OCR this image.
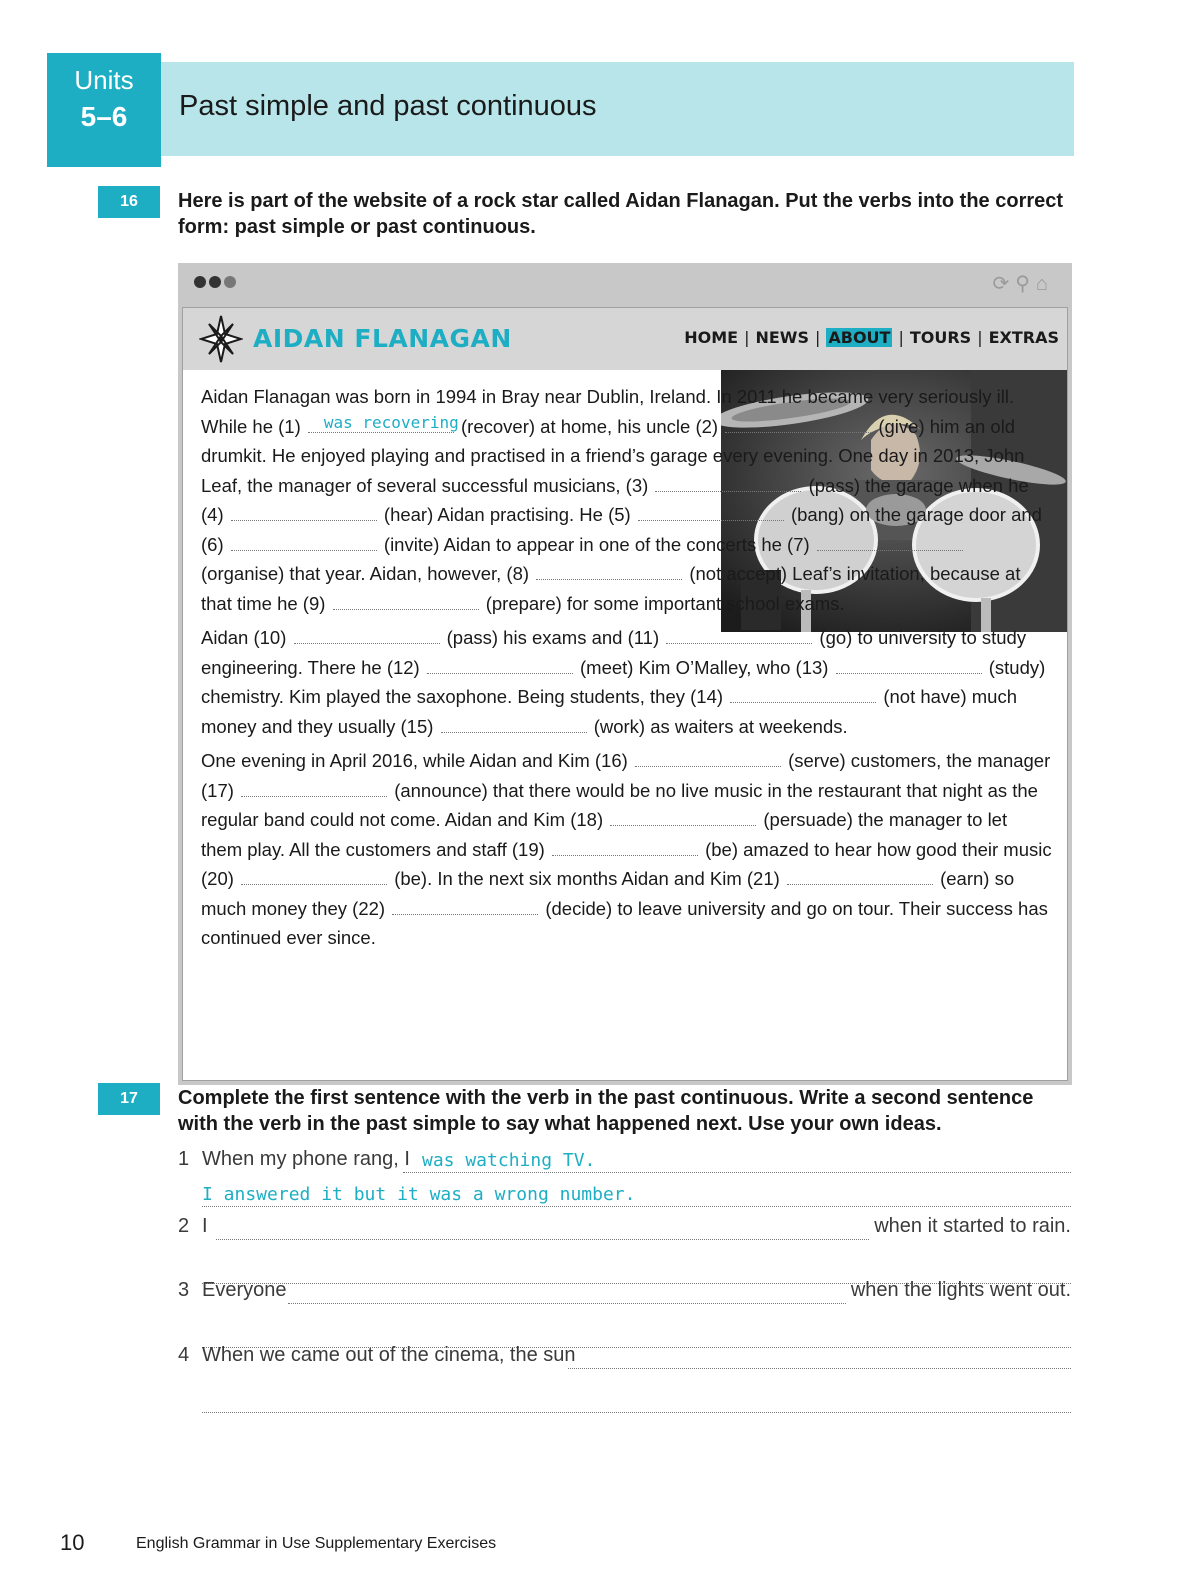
Units
5–6	Past simple and past continuous
16	Here is part of the website of a rock star called Aidan Flanagan. Put the verbs into the correct form: past simple or past continuous.
⟳⚲⌂
AIDAN FLANAGAN	HOME | NEWS | ABOUT | TOURS | EXTRAS

Aidan Flanagan was born in 1994 in Bray near Dublin, Ireland. In 2011 he became very seriously ill. While he (1) was recovering (recover) at home, his uncle (2)	(give) him an old drumkit. He enjoyed playing and practised in a friend’s garage every evening. One day in 2013, John Leaf, the manager of several successful musicians, (3)	(pass) the garage when he (4)	(hear) Aidan practising. He (5)	(bang) on the garage door and (6)	(invite) Aidan to appear in one of the concerts he (7)  (organise) that year. Aidan, however, (8)	(not accept) Leaf’s invitation, because at that time he (9)	(prepare) for some important school exams.

Aidan (10)	(pass) his exams and (11)	(go) to university to study engineering. There he (12)	(meet) Kim O’Malley, who (13)	(study) chemistry. Kim played the saxophone. Being students, they (14)	(not have) much money and they usually (15)	(work) as waiters at weekends.

One evening in April 2016, while Aidan and Kim (16)	(serve) customers, the manager (17)	(announce) that there would be no live music in the restaurant that night as the regular band could not come. Aidan and Kim (18)	(persuade) the manager to let them play. All the customers and staff (19)	(be) amazed to hear how good their music (20)	(be). In the next six months Aidan and Kim (21)	(earn) so much money they (22)	(decide) to leave university and go on tour. Their success has continued ever since.

17	Complete the first sentence with the verb in the past continuous. Write a second sentence with the verb in the past simple to say what happened next. Use your own ideas.
1 When my phone rang, I was watching TV.
I answered it but it was a wrong number.
2 I	when it started to rain.
3 Everyone	when the lights went out.
4 When we came out of the cinema, the sun
10	English Grammar in Use Supplementary Exercises
